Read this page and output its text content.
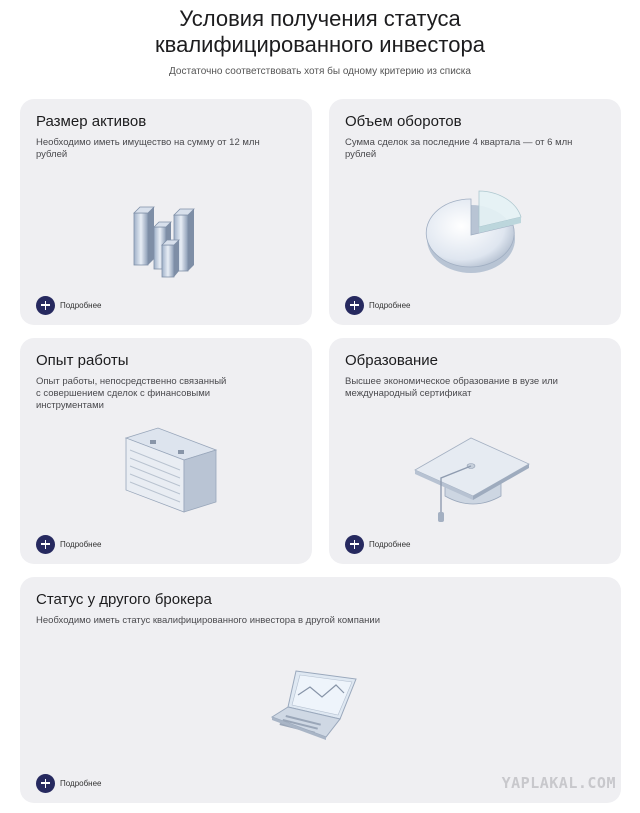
Условия получения статуса
квалифицированного инвестора
Достаточно соответствовать хотя бы одному критерию из списка
Размер активов
Необходимо иметь имущество на сумму от 12 млн
рублей
Подробнее
Объем оборотов
Сумма сделок за последние 4 квартала — от 6 млн
рублей
Подробнее
Опыт работы
Опыт работы, непосредственно связанный
с совершением сделок с финансовыми
инструментами
Подробнее
Образование
Высшее экономическое образование в вузе или
международный сертификат
Подробнее
Статус у другого брокера
Необходимо иметь статус квалифицированного инвестора в другой компании
Подробнее	YAPLAKAL.COM
